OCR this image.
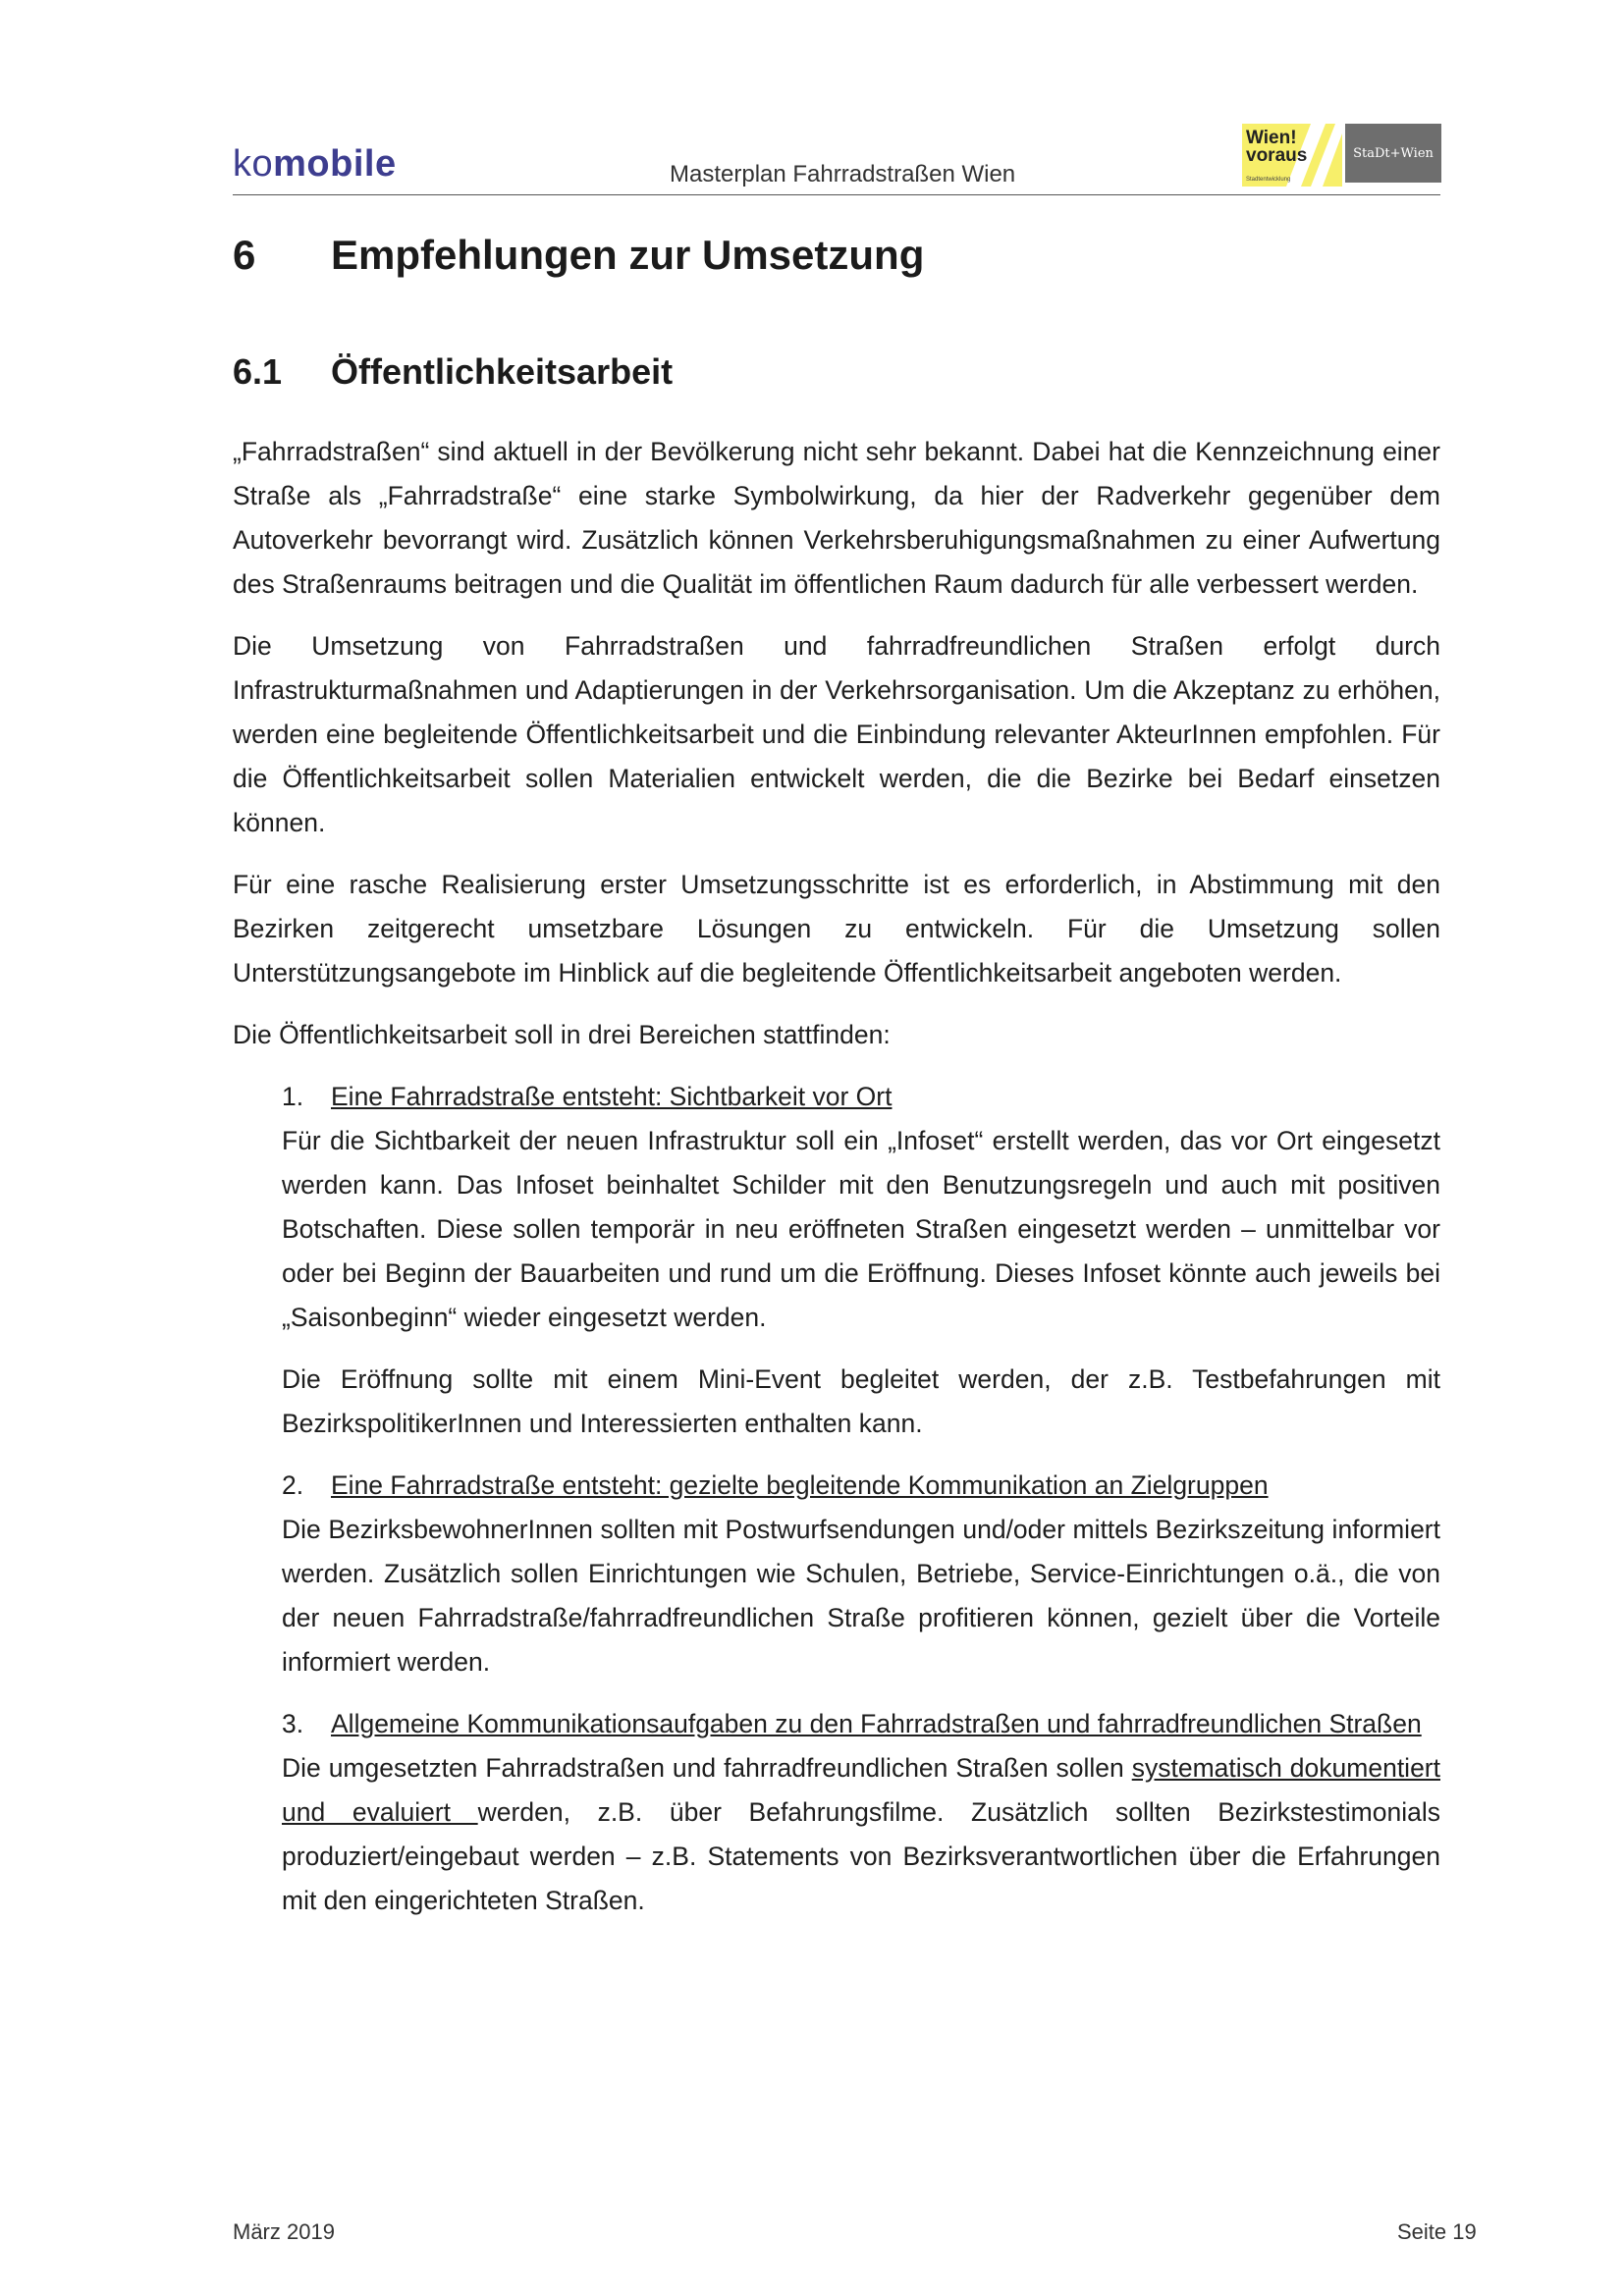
komobile	Masterplan Fahrradstraßen Wien
Wien!
voraus
Stadtentwicklung
StaDt+Wien
6 Empfehlungen zur Umsetzung
6.1 Öffentlichkeitsarbeit

„Fahrradstraßen“ sind aktuell in der Bevölkerung nicht sehr bekannt. Dabei hat die Kennzeichnung einer Straße als „Fahrradstraße“ eine starke Symbolwirkung, da hier der Radverkehr gegenüber dem Autoverkehr bevorrangt wird. Zusätzlich können Verkehrsberuhigungsmaßnahmen zu einer Aufwertung des Straßenraums beitragen und die Qualität im öffentlichen Raum dadurch für alle verbessert werden.

Die Umsetzung von Fahrradstraßen und fahrradfreundlichen Straßen erfolgt durch Infrastrukturmaßnahmen und Adaptierungen in der Verkehrsorganisation. Um die Akzeptanz zu erhöhen, werden eine begleitende Öffentlichkeitsarbeit und die Einbindung relevanter AkteurInnen empfohlen. Für die Öffentlichkeitsarbeit sollen Materialien entwickelt werden, die die Bezirke bei Bedarf einsetzen können.

Für eine rasche Realisierung erster Umsetzungsschritte ist es erforderlich, in Abstimmung mit den Bezirken zeitgerecht umsetzbare Lösungen zu entwickeln. Für die Umsetzung sollen Unterstützungsangebote im Hinblick auf die begleitende Öffentlichkeitsarbeit angeboten werden.

Die Öffentlichkeitsarbeit soll in drei Bereichen stattfinden:

1.	Eine Fahrradstraße entsteht: Sichtbarkeit vor Ort

Für die Sichtbarkeit der neuen Infrastruktur soll ein „Infoset“ erstellt werden, das vor Ort eingesetzt werden kann. Das Infoset beinhaltet Schilder mit den Benutzungsregeln und auch mit positiven Botschaften. Diese sollen temporär in neu eröffneten Straßen eingesetzt werden – unmittelbar vor oder bei Beginn der Bauarbeiten und rund um die Eröffnung. Dieses Infoset könnte auch jeweils bei „Saisonbeginn“ wieder eingesetzt werden.

Die Eröffnung sollte mit einem Mini-Event begleitet werden, der z.B. Testbefahrungen mit BezirkspolitikerInnen und Interessierten enthalten kann.

2.	Eine Fahrradstraße entsteht: gezielte begleitende Kommunikation an Zielgruppen

Die BezirksbewohnerInnen sollten mit Postwurfsendungen und/oder mittels Bezirkszeitung informiert werden. Zusätzlich sollen Einrichtungen wie Schulen, Betriebe, Service-Einrichtungen o.ä., die von der neuen Fahrradstraße/fahrradfreundlichen Straße profitieren können, gezielt über die Vorteile informiert werden.

3.	Allgemeine Kommunikationsaufgaben zu den Fahrradstraßen und fahrradfreundlichen Straßen

Die umgesetzten Fahrradstraßen und fahrradfreundlichen Straßen sollen systematisch dokumentiert und evaluiert werden, z.B. über Befahrungsfilme. Zusätzlich sollten Bezirkstestimonials produziert/eingebaut werden – z.B. Statements von Bezirksverantwortlichen über die Erfahrungen mit den eingerichteten Straßen.

März 2019	Seite 19
